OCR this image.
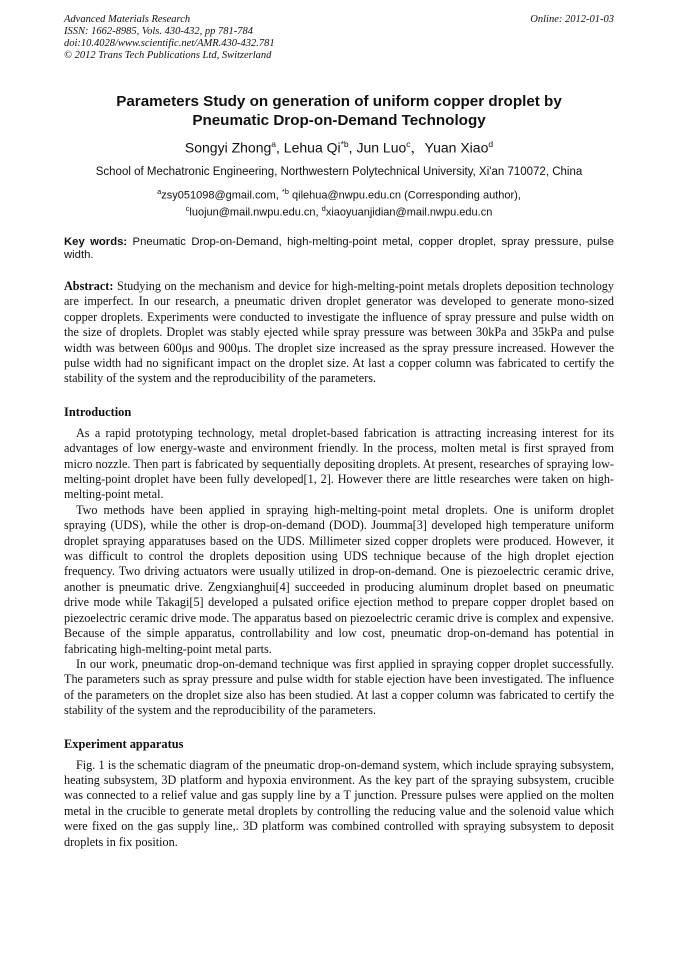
Advanced Materials Research
ISSN: 1662-8985, Vols. 430-432, pp 781-784
doi:10.4028/www.scientific.net/AMR.430-432.781
© 2012 Trans Tech Publications Ltd, Switzerland
Online: 2012-01-03
Parameters Study on generation of uniform copper droplet by
Pneumatic Drop-on-Demand Technology
Songyi Zhong$^a$, Lehua Qi$^{*b}$, Jun Luo$^c$，Yuan Xiao$^d$
School of Mechatronic Engineering, Northwestern Polytechnical University, Xi'an 710072, China
$^a$zsy051098@gmail.com, $^{*b}$ qilehua@nwpu.edu.cn (Corresponding author),
$^c$luojun@mail.nwpu.edu.cn, $^d$xiaoyuanjidian@mail.nwpu.edu.cn
Key words: Pneumatic Drop-on-Demand, high-melting-point metal, copper droplet, spray pressure, pulse width.
Abstract: Studying on the mechanism and device for high-melting-point metals droplets deposition technology are imperfect. In our research, a pneumatic driven droplet generator was developed to generate mono-sized copper droplets. Experiments were conducted to investigate the influence of spray pressure and pulse width on the size of droplets. Droplet was stably ejected while spray pressure was between 30kPa and 35kPa and pulse width was between 600μs and 900μs. The droplet size increased as the spray pressure increased. However the pulse width had no significant impact on the droplet size. At last a copper column was fabricated to certify the stability of the system and the reproducibility of the parameters.
Introduction

As a rapid prototyping technology, metal droplet-based fabrication is attracting increasing interest for its advantages of low energy-waste and environment friendly. In the process, molten metal is first sprayed from micro nozzle. Then part is fabricated by sequentially depositing droplets. At present, researches of spraying low-melting-point droplet have been fully developed[1, 2]. However there are little researches were taken on high-melting-point metal.

Two methods have been applied in spraying high-melting-point metal droplets. One is uniform droplet spraying (UDS), while the other is drop-on-demand (DOD). Joumma[3] developed high temperature uniform droplet spraying apparatuses based on the UDS. Millimeter sized copper droplets were produced. However, it was difficult to control the droplets deposition using UDS technique because of the high droplet ejection frequency. Two driving actuators were usually utilized in drop-on-demand. One is piezoelectric ceramic drive, another is pneumatic drive. Zengxianghui[4] succeeded in producing aluminum droplet based on pneumatic drive mode while Takagi[5] developed a pulsated orifice ejection method to prepare copper droplet based on piezoelectric ceramic drive mode. The apparatus based on piezoelectric ceramic drive is complex and expensive. Because of the simple apparatus, controllability and low cost, pneumatic drop-on-demand has potential in fabricating high-melting-point metal parts.

In our work, pneumatic drop-on-demand technique was first applied in spraying copper droplet successfully. The parameters such as spray pressure and pulse width for stable ejection have been investigated. The influence of the parameters on the droplet size also has been studied. At last a copper column was fabricated to certify the stability of the system and the reproducibility of the parameters.

Experiment apparatus

Fig. 1 is the schematic diagram of the pneumatic drop-on-demand system, which include spraying subsystem, heating subsystem, 3D platform and hypoxia environment. As the key part of the spraying subsystem, crucible was connected to a relief value and gas supply line by a T junction. Pressure pulses were applied on the molten metal in the crucible to generate metal droplets by controlling the reducing value and the solenoid value which were fixed on the gas supply line,. 3D platform was combined controlled with spraying subsystem to deposit droplets in fix position.
